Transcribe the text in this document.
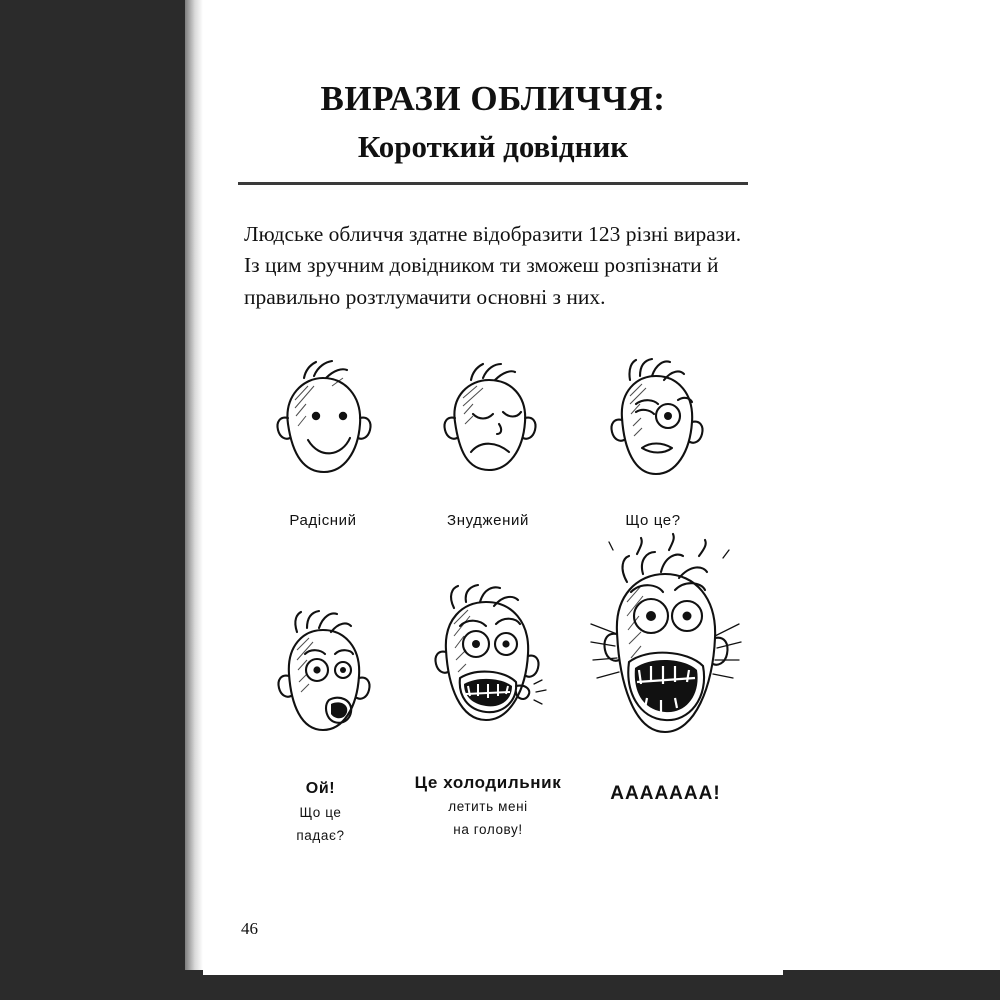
ВИРАЗИ ОБЛИЧЧЯ:
Короткий довідник

Людське обличчя здатне відобразити 123 різні вирази. Із цим зручним довідником ти зможеш розпізнати й правильно розтлумачити основні з них.

Радісний	Знуджений	Що це?
Ой!
Що це
падає?
Це холодильник
летить мені
на голову!
ААААААА!
46
